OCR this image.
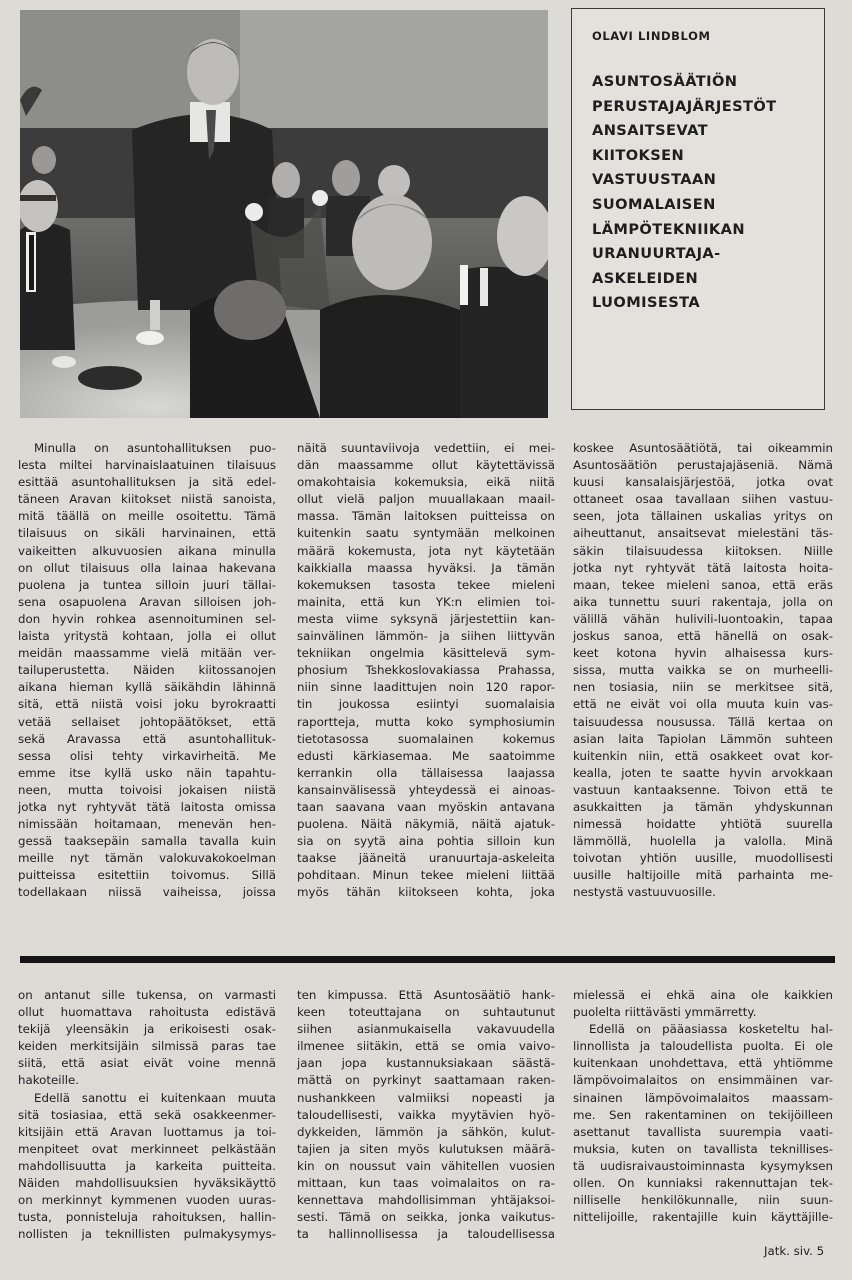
OLAVI LINDBLOM

ASUNTOSÄÄTIÖN
PERUSTAJAJÄRJESTÖT
ANSAITSEVAT
KIITOKSEN
VASTUUSTAAN
SUOMALAISEN
LÄMPÖTEKNIIKAN
URANUURTAJA-
ASKELEIDEN
LUOMISESTA
Minulla on asuntohallituksen puo-
lesta miltei harvinaislaatuinen tilaisuus
esittää asuntohallituksen ja sitä edel-
täneen Aravan kiitokset niistä sanoista,
mitä täällä on meille osoitettu. Tämä
tilaisuus on sikäli harvinainen, että
vaikeitten alkuvuosien aikana minulla
on ollut tilaisuus olla lainaa hakevana
puolena ja tuntea silloin juuri tällai-
sena osapuolena Aravan silloisen joh-
don hyvin rohkea asennoituminen sel-
laista yritystä kohtaan, jolla ei ollut
meidän maassamme vielä mitään ver-
tailuperustetta. Näiden kiitossanojen
aikana hieman kyllä säikähdin lähinnä
sitä, että niistä voisi joku byrokraatti
vetää sellaiset johtopäätökset, että
sekä Aravassa että asuntohallituk-
sessa olisi tehty virkavirheitä. Me
emme itse kyllä usko näin tapahtu-
neen, mutta toivoisi jokaisen niistä
jotka nyt ryhtyvät tätä laitosta omissa
nimissään hoitamaan, menevän hen-
gessä taaksepäin samalla tavalla kuin
meille nyt tämän valokuvakokoelman
puitteissa esitettiin toivomus. Sillä
todellakaan niissä vaiheissa, joissa
näitä suuntaviivoja vedettiin, ei mei-
dän maassamme ollut käytettävissä
omakohtaisia kokemuksia, eikä niitä
ollut vielä paljon muuallakaan maail-
massa. Tämän laitoksen puitteissa on
kuitenkin saatu syntymään melkoinen
määrä kokemusta, jota nyt käytetään
kaikkialla maassa hyväksi. Ja tämän
kokemuksen tasosta tekee mieleni
mainita, että kun YK:n elimien toi-
mesta viime syksynä järjestettiin kan-
sainvälinen lämmön- ja siihen liittyvän
tekniikan ongelmia käsittelevä sym-
phosium Tshekkoslovakiassa Prahassa,
niin sinne laadittujen noin 120 rapor-
tin joukossa esiintyi suomalaisia
raportteja, mutta koko symphosiumin
tietotasossa suomalainen kokemus
edusti kärkiasemaa. Me saatoimme
kerrankin olla tällaisessa laajassa
kansainvälisessä yhteydessä ei ainoas-
taan saavana vaan myöskin antavana
puolena. Näitä näkymiä, näitä ajatuk-
sia on syytä aina pohtia silloin kun
taakse jääneitä uranuurtaja-askeleita
pohditaan. Minun tekee mieleni liittää
myös tähän kiitokseen kohta, joka
koskee Asuntosäätiötä, tai oikeammin
Asuntosäätiön perustajajäseniä. Nämä
kuusi kansalaisjärjestöä, jotka ovat
ottaneet osaa tavallaan siihen vastuu-
seen, jota tällainen uskalias yritys on
aiheuttanut, ansaitsevat mielestäni täs-
säkin tilaisuudessa kiitoksen. Niille
jotka nyt ryhtyvät tätä laitosta hoita-
maan, tekee mieleni sanoa, että eräs
aika tunnettu suuri rakentaja, jolla on
välillä vähän hulivili-luontoakin, tapaa
joskus sanoa, että hänellä on osak-
keet kotona hyvin alhaisessa kurs-
sissa, mutta vaikka se on murheelli-
nen tosiasia, niin se merkitsee sitä,
että ne eivät voi olla muuta kuin vas-
taisuudessa nousussa. Tällä kertaa on
asian laita Tapiolan Lämmön suhteen
kuitenkin niin, että osakkeet ovat kor-
kealla, joten te saatte hyvin arvokkaan
vastuun kantaaksenne. Toivon että te
asukkaitten ja tämän yhdyskunnan
nimessä hoidatte yhtiötä suurella
lämmöllä, huolella ja valolla. Minä
toivotan yhtiön uusille, muodollisesti
uusille haltijoille mitä parhainta me-
nestystä vastuuvuosille.
on antanut sille tukensa, on varmasti
ollut huomattava rahoitusta edistävä
tekijä yleensäkin ja erikoisesti osak-
keiden merkitsijäin silmissä paras tae
siitä, että asiat eivät voine mennä
hakoteille.
Edellä sanottu ei kuitenkaan muuta
sitä tosiasiaa, että sekä osakkeenmer-
kitsijäin että Aravan luottamus ja toi-
menpiteet ovat merkinneet pelkästään
mahdollisuutta ja karkeita puitteita.
Näiden mahdollisuuksien hyväksikäyttö
on merkinnyt kymmenen vuoden uuras-
tusta, ponnisteluja rahoituksen, hallin-
nollisten ja teknillisten pulmakysymys-
ten kimpussa. Että Asuntosäätiö hank-
keen toteuttajana on suhtautunut
siihen asianmukaisella vakavuudella
ilmenee siitäkin, että se omia vaivo-
jaan jopa kustannuksiakaan säästä-
mättä on pyrkinyt saattamaan raken-
nushankkeen valmiiksi nopeasti ja
taloudellisesti, vaikka myytävien hyö-
dykkeiden, lämmön ja sähkön, kulut-
tajien ja siten myös kulutuksen määrä-
kin on noussut vain vähitellen vuosien
mittaan, kun taas voimalaitos on ra-
kennettava mahdollisimman yhtäjaksoi-
sesti. Tämä on seikka, jonka vaikutus-
ta hallinnollisessa ja taloudellisessa
mielessä ei ehkä aina ole kaikkien
puolelta riittävästi ymmärretty.
Edellä on pääasiassa kosketeltu hal-
linnollista ja taloudellista puolta. Ei ole
kuitenkaan unohdettava, että yhtiömme
lämpövoimalaitos on ensimmäinen var-
sinainen lämpövoimalaitos maassam-
me. Sen rakentaminen on tekijöilleen
asettanut tavallista suurempia vaati-
muksia, kuten on tavallista teknillises-
tä uudisraivaustoiminnasta kysymyksen
ollen. On kunniaksi rakennuttajan tek-
nilliselle henkilökunnalle, niin suun-
nittelijoille, rakentajille kuin käyttäjille-
Jatk. siv. 5
